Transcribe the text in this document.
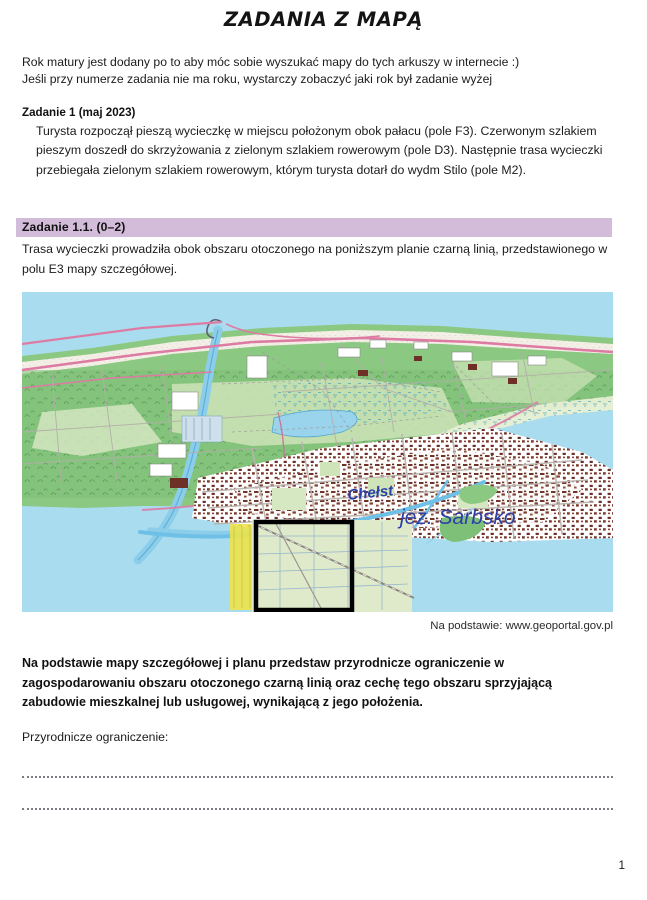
ZADANIA Z MAPĄ
Rok matury jest dodany po to aby móc sobie wyszukać mapy do tych arkuszy w internecie :)
Jeśli przy numerze zadania nie ma roku, wystarczy zobaczyć jaki rok był zadanie wyżej
Zadanie 1 (maj 2023)
Turysta rozpoczął pieszą wycieczkę w miejscu położonym obok pałacu (pole F3). Czerwonym szlakiem pieszym doszedł do skrzyżowania z zielonym szlakiem rowerowym (pole D3). Następnie trasa wycieczki przebiegała zielonym szlakiem rowerowym, którym turysta dotarł do wydm Stilo (pole M2).
Zadanie 1.1. (0–2)
Trasa wycieczki prowadziła obok obszaru otoczonego na poniższym planie czarną linią, przedstawionego w polu E3 mapy szczegółowej.
Chełst
jez. Sarbsko
Na podstawie: www.geoportal.gov.pl
Na podstawie mapy szczegółowej i planu przedstaw przyrodnicze ograniczenie w zagospodarowaniu obszaru otoczonego czarną linią oraz cechę tego obszaru sprzyjającą zabudowie mieszkalnej lub usługowej, wynikającą z jego położenia.
Przyrodnicze ograniczenie:
1
